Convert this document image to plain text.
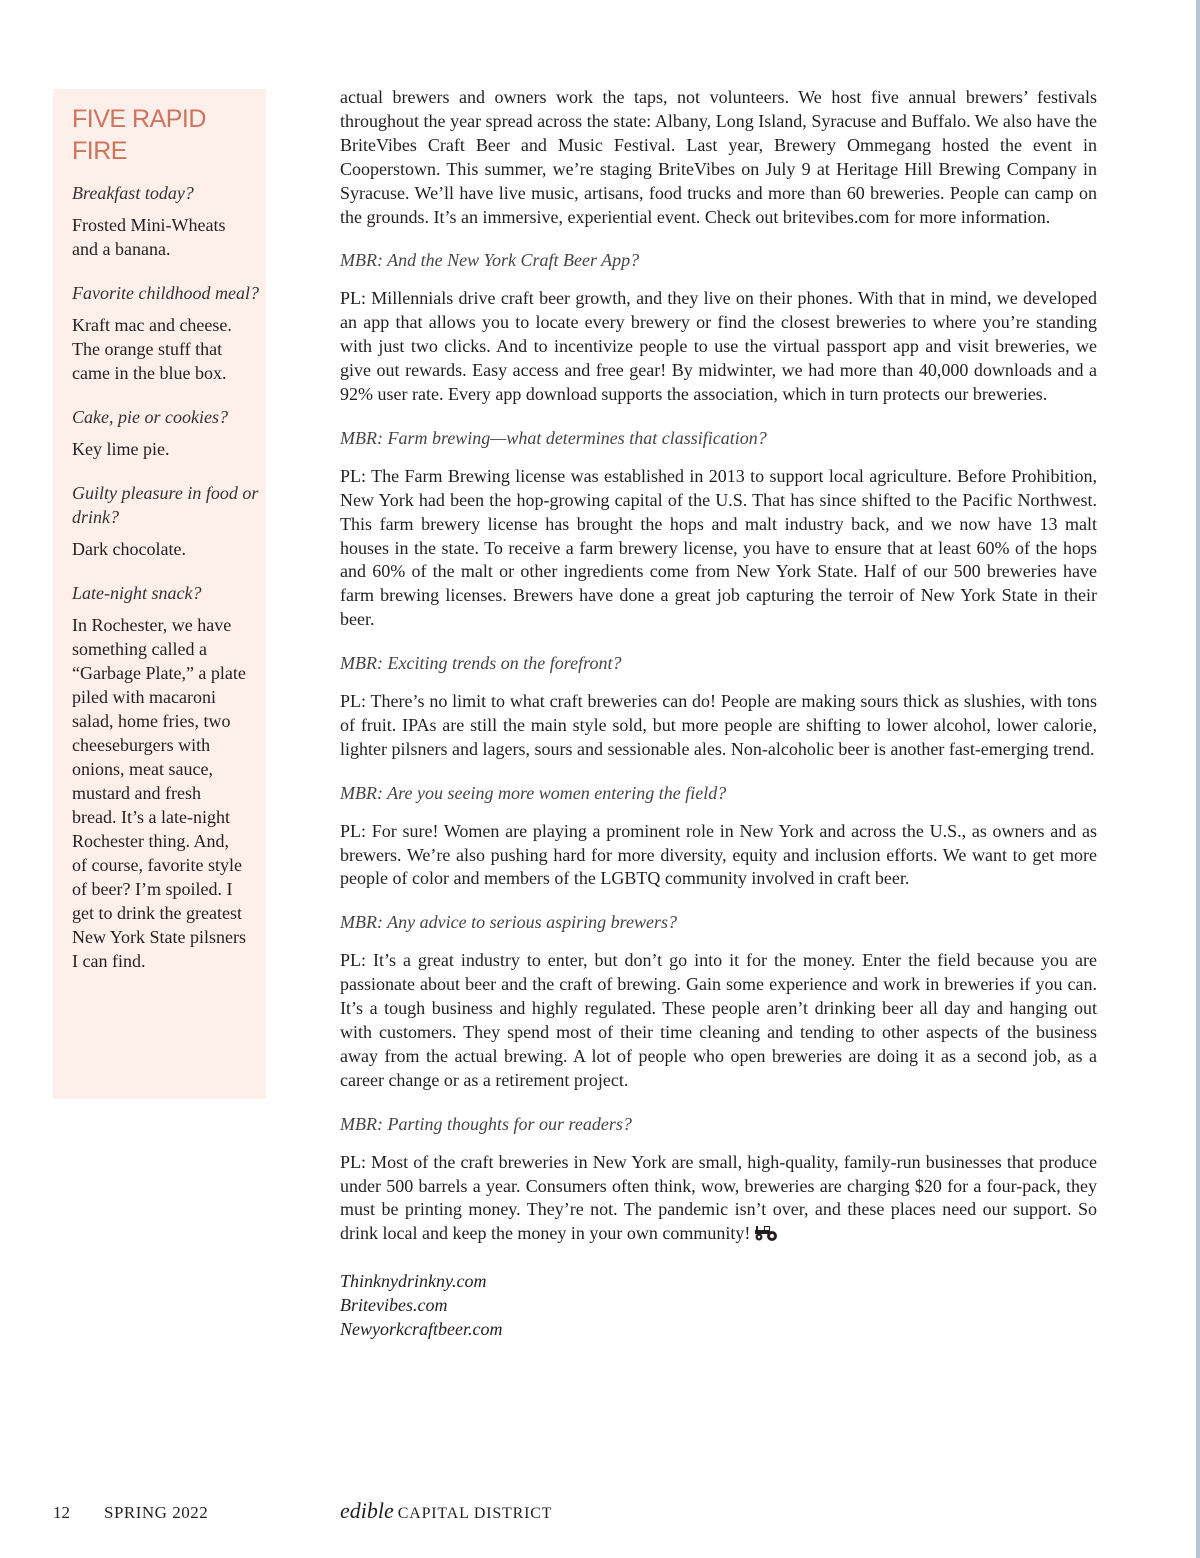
FIVE RAPID FIRE

Breakfast today?

Frosted Mini-Wheats and a banana.

Favorite childhood meal?

Kraft mac and cheese. The orange stuff that came in the blue box.

Cake, pie or cookies?

Key lime pie.

Guilty pleasure in food or drink?

Dark chocolate.

Late-night snack?

In Rochester, we have something called a “Garbage Plate,” a plate piled with macaroni salad, home fries, two cheeseburgers with onions, meat sauce, mustard and fresh bread. It’s a late-night Rochester thing. And, of course, favorite style of beer? I’m spoiled. I get to drink the greatest New York State pilsners I can find.

actual brewers and owners work the taps, not volunteers. We host five annual brewers’ festivals throughout the year spread across the state: Albany, Long Island, Syracuse and Buffalo. We also have the BriteVibes Craft Beer and Music Festival. Last year, Brewery Ommegang hosted the event in Cooperstown. This summer, we’re staging BriteVibes on July 9 at Heritage Hill Brewing Company in Syracuse. We’ll have live music, artisans, food trucks and more than 60 breweries. People can camp on the grounds. It’s an immersive, experiential event. Check out britevibes.com for more information.

MBR: And the New York Craft Beer App?

PL: Millennials drive craft beer growth, and they live on their phones. With that in mind, we developed an app that allows you to locate every brewery or find the closest breweries to where you’re standing with just two clicks. And to incentivize people to use the virtual passport app and visit breweries, we give out rewards. Easy access and free gear! By midwinter, we had more than 40,000 downloads and a 92% user rate. Every app download supports the association, which in turn protects our breweries.

MBR: Farm brewing—what determines that classification?

PL: The Farm Brewing license was established in 2013 to support local agriculture. Before Prohibition, New York had been the hop-growing capital of the U.S. That has since shifted to the Pacific Northwest. This farm brewery license has brought the hops and malt industry back, and we now have 13 malt houses in the state. To receive a farm brewery license, you have to ensure that at least 60% of the hops and 60% of the malt or other ingredients come from New York State. Half of our 500 breweries have farm brewing licenses. Brewers have done a great job capturing the terroir of New York State in their beer.

MBR: Exciting trends on the forefront?

PL: There’s no limit to what craft breweries can do! People are making sours thick as slushies, with tons of fruit. IPAs are still the main style sold, but more people are shifting to lower alcohol, lower calorie, lighter pilsners and lagers, sours and sessionable ales. Non-alcoholic beer is another fast-emerging trend.

MBR: Are you seeing more women entering the field?

PL: For sure! Women are playing a prominent role in New York and across the U.S., as owners and as brewers. We’re also pushing hard for more diversity, equity and inclusion efforts. We want to get more people of color and members of the LGBTQ community involved in craft beer.

MBR: Any advice to serious aspiring brewers?

PL: It’s a great industry to enter, but don’t go into it for the money. Enter the field because you are passionate about beer and the craft of brewing. Gain some experience and work in breweries if you can. It’s a tough business and highly regulated. These people aren’t drinking beer all day and hanging out with customers. They spend most of their time cleaning and tending to other aspects of the business away from the actual brewing. A lot of people who open breweries are doing it as a second job, as a career change or as a retirement project.

MBR: Parting thoughts for our readers?

PL: Most of the craft breweries in New York are small, high-quality, family-run businesses that produce under 500 barrels a year. Consumers often think, wow, breweries are charging $20 for a four-pack, they must be printing money. They’re not. The pandemic isn’t over, and these places need our support. So drink local and keep the money in your own community!

Thinknydrinkny.com
Britevibes.com
Newyorkcraftbeer.com
12 SPRING 2022	edible CAPITAL DISTRICT
